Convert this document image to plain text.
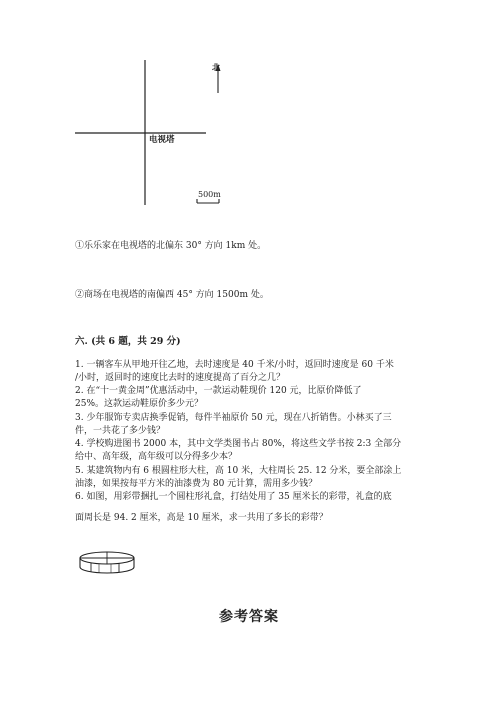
北
电视塔
500m
①乐乐家在电视塔的北偏东 30° 方向 1km 处。
②商场在电视塔的南偏西 45° 方向 1500m 处。
六. (共 6 题，共 29 分)
1. 一辆客车从甲地开往乙地，去时速度是 40 千米/小时，返回时速度是 60 千米
/小时，返回时的速度比去时的速度提高了百分之几？
2. 在“十一黄金周”优惠活动中，一款运动鞋现价 120 元，比原价降低了
25%。这款运动鞋原价多少元？
3. 少年服饰专卖店换季促销，每件半袖原价 50 元，现在八折销售。小林买了三
件，一共花了多少钱？
4. 学校购进图书 2000 本，其中文学类图书占 80%，将这些文学书按 2:3 全部分
给中、高年级，高年级可以分得多少本？
5. 某建筑物内有 6 根圆柱形大柱，高 10 米，大柱周长 25. 12 分米，要全部涂上
油漆，如果按每平方米的油漆费为 80 元计算，需用多少钱？
6. 如图，用彩带捆扎一个圆柱形礼盒，打结处用了 35 厘米长的彩带，礼盒的底
面周长是 94. 2 厘米，高是 10 厘米，求一共用了多长的彩带？
参考答案
